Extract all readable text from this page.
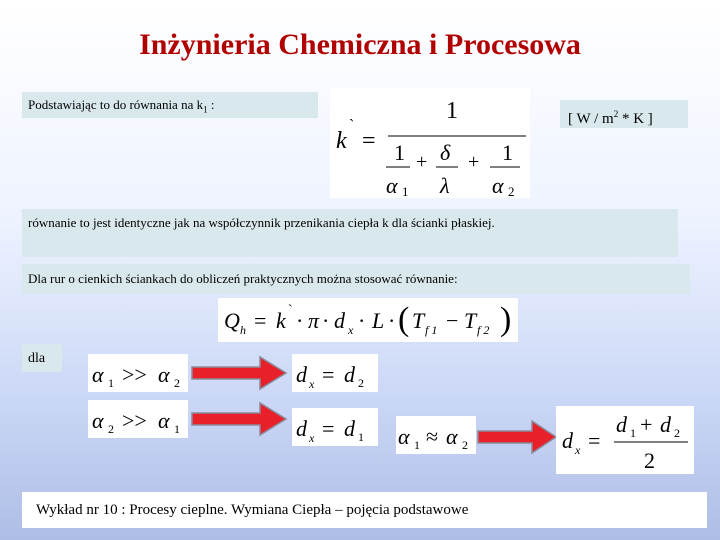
Inżynieria Chemiczna i Procesowa
Podstawiając to do równania na $k_1$ :
k
`
=
1
1
α 1
+ δ
λ
+ 1
α 2
[ W / $m^2$ * K ]
równanie to jest identyczne jak na współczynnik przenikania ciepła k dla ścianki płaskiej.
Dla rur o cienkich ściankach do obliczeń praktycznych można stosować równanie:
Q h = k ` · π · d x · L · ( T f 1 − T f 2 )
dla
α 1 >> α 2
α 2 >> α 1
d x = d 2
d x = d 1 α 1 ≈ α 2	d x =
d 1 + d 2
2
Wykład nr 10 : Procesy cieplne. Wymiana Ciepła – pojęcia podstawowe
